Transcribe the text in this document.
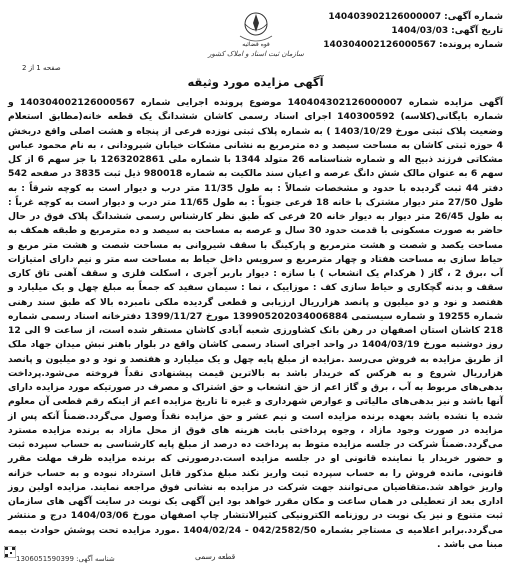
شماره آگهی:
140403902126000007
تاریخ آگهی:
1404/03/03
شماره پرونده:
140304002126000567
قوه قضائیه
سازمان ثبت اسناد و املاک کشور
صفحه 1 از 2
آگهی مزایده مورد وثیقه
آگهی مزایده شماره 140404302126000007 موضوع پرونده اجرایی شماره 140304002126000567 و شماره بایگانی(کلاسه) 140300592 اجرای اسناد رسمی کاشان ششدانگ یک قطعه خانه(مطابق استعلام وضعیت پلاک ثبتی مورخ 1403/10/29 ) به شماره پلاک ثبتی نوزده فرعی از پنجاه و هشت اصلی واقع دربخش 4 حوزه ثبتی کاشان به مساحت سیصد و ده مترمربع به نشانی مشکات خیابان شیرودانی ، به نام محمود عباس مشکاتی فرزند ذبیح اله و شماره شناسنامه 26 متولد 1344 با شماره ملی 1263202861 با جز سهم 6 از کل سهم 6 به عنوان مالک شش دانگ عرصه و اعیان سند مالکیت به شماره 980018 ذیل ثبت 3835 در صفحه 542 دفتر 44 ثبت گردیده با حدود و مشخصات شمالاً : به طول 11/35 متر درب و دیوار است به کوچه شرقاً : به طول 27/50 متر دیوار مشترک با خانه 18 فرعی جنوباً : به طول 11/65 متر درب و دیوار است به کوچه غرباً : به طول 26/45 متر دیوار به دیوار خانه 20 فرعی که طبق نظر کارشناس رسمی ششدانگ پلاک فوق در حال حاضر به صورت مسکونی با قدمت حدود 30 سال و عرصه به مساحت به سیصد و ده مترمربع و طبقه همکف به مساحت یکصد و شصت و هشت مترمربع و پارکینگ با سقف شیروانی به مساحت شصت و هشت متر مربع و حیاط سازی به مساحت هفتاد و چهار مترمربع و سرویس داخل حیاط به مساحت سه متر و نیم دارای امتیازات آب ،برق 2 ، گاز ( هرکدام یک انشعاب ) با سازه : دیوار باربر آجری ، اسکلت فلزی و سقف آهنی تاق کاری سقف و بدنه گچکاری و حیاط سازی کف : موزاییک ، نما : سیمان سفید که جمعاً به مبلغ چهل و یک میلیارد و هفتصد و نود و دو میلیون و پانصد هزارریال ارزیابی و قطعی گردیده ملکی نامبرده بالا که طبق سند رهنی شماره 19255 و شماره سیستمی 139905202034006884 مورخ 1399/11/27 دفترخانه اسناد رسمی شماره 218 کاشان استان اصفهان در رهن بانک کشاورزی شعبه آبادی کاشان مستقر شده است، از ساعت 9 الی 12 روز دوشنبه مورخ 1404/03/19 در واحد اجرای اسناد رسمی کاشان واقع در بلوار باهنر نبش میدان جهاد ملک از طریق مزایده به فروش می‌رسد .مزایده از مبلغ پایه چهل و یک میلیارد و هفتصد و نود و دو میلیون و پانصد هزارریال شروع و به هرکس که خریدار باشد به بالاترین قیمت پیشنهادی نقداً فروخته می‌شود.پرداخت بدهی‌های مربوط به آب ، برق و گاز اعم از حق انشعاب و حق اشتراک و مصرف در صورتیکه مورد مزایده دارای آنها باشد و نیز بدهی‌های مالیاتی و عوارض شهرداری و غیره تا تاریخ مزایده اعم از اینکه رقم قطعی آن معلوم شده یا نشده باشد بعهده برنده مزایده است و نیم عشر و حق مزایده نقداً وصول می‌گردد.ضمناً آنکه پس از مزایده در صورت وجود مازاد ، وجوه پرداختی بابت هزینه های فوق از محل مازاد به برنده مزایده مسترد می‌گردد.ضمناً شرکت در جلسه مزایده متوط به پرداخت ده درصد از مبلغ پایه کارشناسی به حساب سپرده ثبت و حضور خریدار یا نماینده قانونی او در جلسه مزایده است.درصورتی که برنده مزایده ظرف مهلت مقرر قانونی، مانده فروش را به حساب سپرده ثبت واریز نکند مبلغ مذکور قابل استرداد نبوده و به حساب خزانه واریز خواهد شد.متقاضیان می‌توانند جهت شرکت در مزایده به نشانی فوق مراجعه نمایند. مزایده اولین روز اداری بعد از تعطیلی در همان ساعت و مکان مقرر خواهد بود این آگهی یک نوبت در سایت آگهی های سازمان ثبت متنوع و نیز یک نوبت در روزنامه الکترونیکی کثیرالانتشار چاپ اصفهان مورخ 1404/03/06 درج و منتشر می‌گردد.برابر اعلامیه ی مستاجر بشماره 042/2582/50 - 1404/02/24 .مورد مزایده تحت پوشش حوادث بیمه مبنا می باشد .
شناسه آگهی: 1306051590399	قطعه رسمی
